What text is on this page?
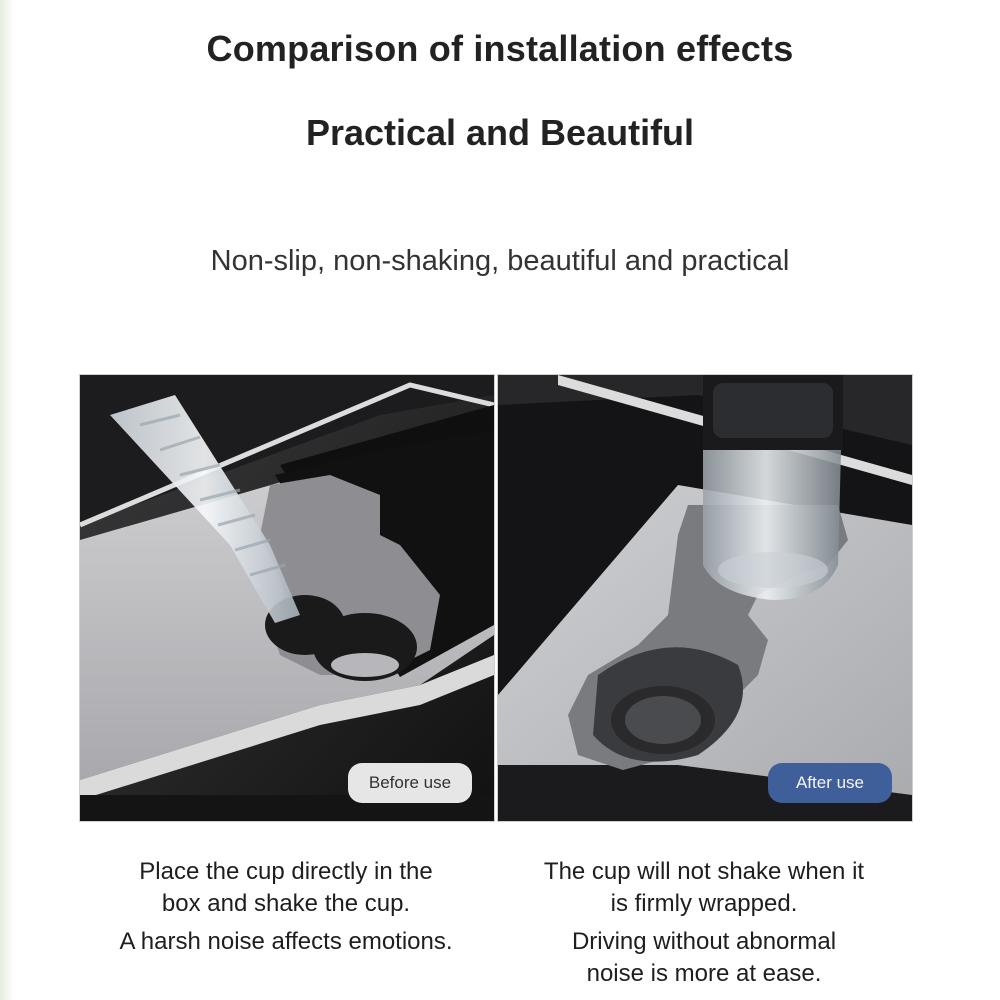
Comparison of installation effects
Practical and Beautiful

Non-slip, non-shaking, beautiful and practical

Before use	After use

Place the cup directly in the

box and shake the cup.

A harsh noise affects emotions.

The cup will not shake when it

is firmly wrapped.

Driving without abnormal

noise is more at ease.
